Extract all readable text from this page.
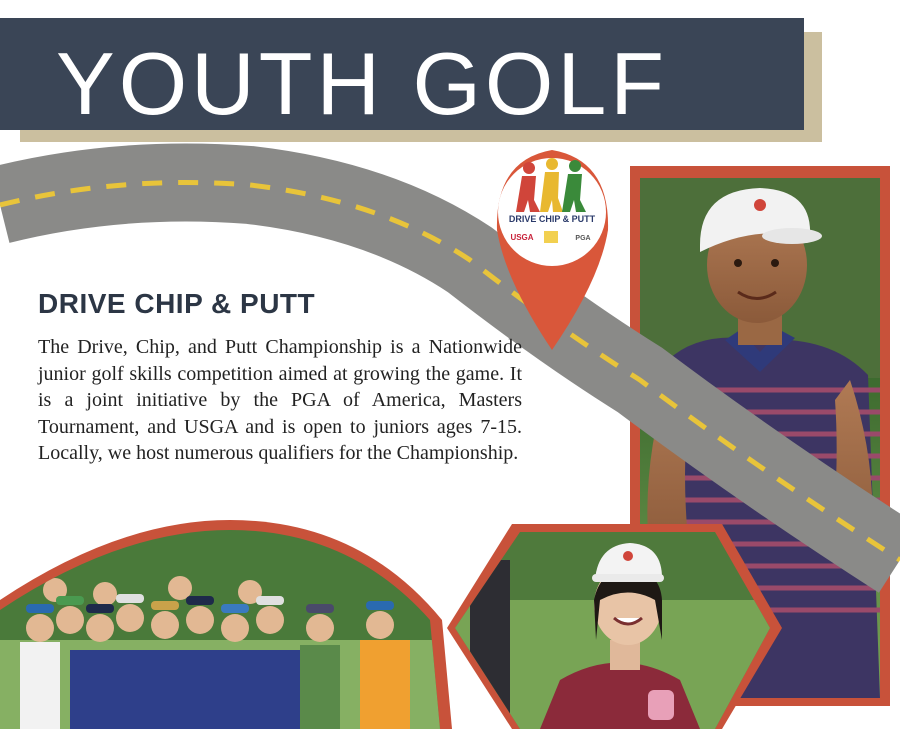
YOUTH GOLF
DRIVE CHIP & PUTT
USGA	PGA
DRIVE CHIP & PUTT
The Drive, Chip, and Putt Championship is a Nationwide junior golf skills competition aimed at growing the game. It is a joint initiative by the PGA of America, Masters Tournament, and USGA and is open to juniors ages 7-15. Locally, we host numerous qualifiers for the Championship.
